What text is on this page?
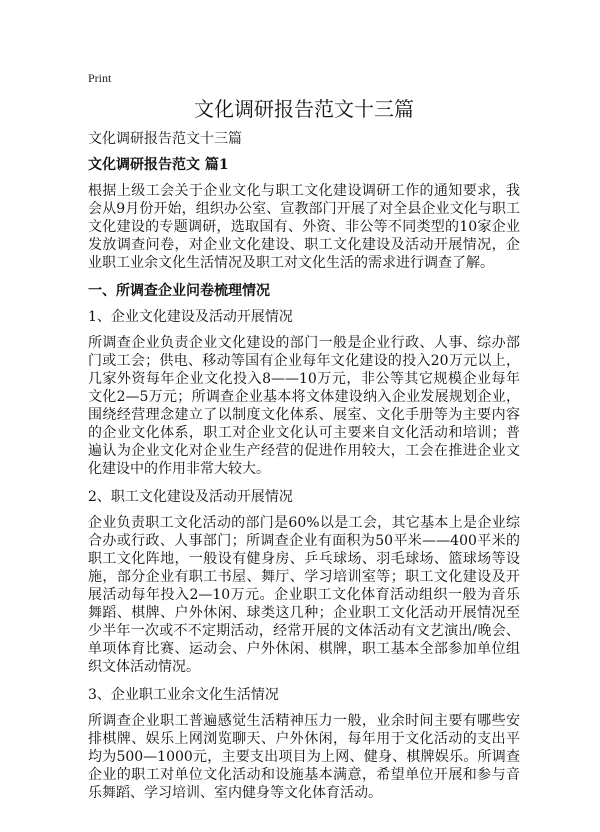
Print
文化调研报告范文十三篇
文化调研报告范文十三篇
文化调研报告范文 篇1
根据上级工会关于企业文化与职工文化建设调研工作的通知要求，我会从9月份开始，组织办公室、宣教部门开展了对全县企业文化与职工文化建设的专题调研，选取国有、外资、非公等不同类型的10家企业发放调查问卷，对企业文化建设、职工文化建设及活动开展情况，企业职工业余文化生活情况及职工对文化生活的需求进行调查了解。
一、所调查企业问卷梳理情况
1、企业文化建设及活动开展情况
所调查企业负责企业文化建设的部门一般是企业行政、人事、综办部门或工会；供电、移动等国有企业每年文化建设的投入20万元以上，几家外资每年企业文化投入8——10万元，非公等其它规模企业每年文化2—5万元；所调查企业基本将文体建设纳入企业发展规划企业，围绕经营理念建立了以制度文化体系、展室、文化手册等为主要内容的企业文化体系，职工对企业文化认可主要来自文化活动和培训；普遍认为企业文化对企业生产经营的促进作用较大，工会在推进企业文化建设中的作用非常大较大。
2、职工文化建设及活动开展情况
企业负责职工文化活动的部门是60%以是工会，其它基本上是企业综合办或行政、人事部门；所调查企业有面积为50平米——400平米的职工文化阵地，一般设有健身房、乒乓球场、羽毛球场、篮球场等设施，部分企业有职工书屋、舞厅、学习培训室等；职工文化建设及开展活动每年投入2—10万元。企业职工文化体育活动组织一般为音乐舞蹈、棋牌、户外休闲、球类这几种；企业职工文化活动开展情况至少半年一次或不不定期活动，经常开展的文体活动有文艺演出/晚会、单项体育比赛、运动会、户外休闲、棋牌，职工基本全部参加单位组织文体活动情况。
3、企业职工业余文化生活情况
所调查企业职工普遍感觉生活精神压力一般，业余时间主要有哪些安排棋牌、娱乐上网浏览聊天、户外休闲，每年用于文化活动的支出平均为500—1000元，主要支出项目为上网、健身、棋牌娱乐。所调查企业的职工对单位文化活动和设施基本满意，希望单位开展和参与音乐舞蹈、学习培训、室内健身等文化体育活动。
